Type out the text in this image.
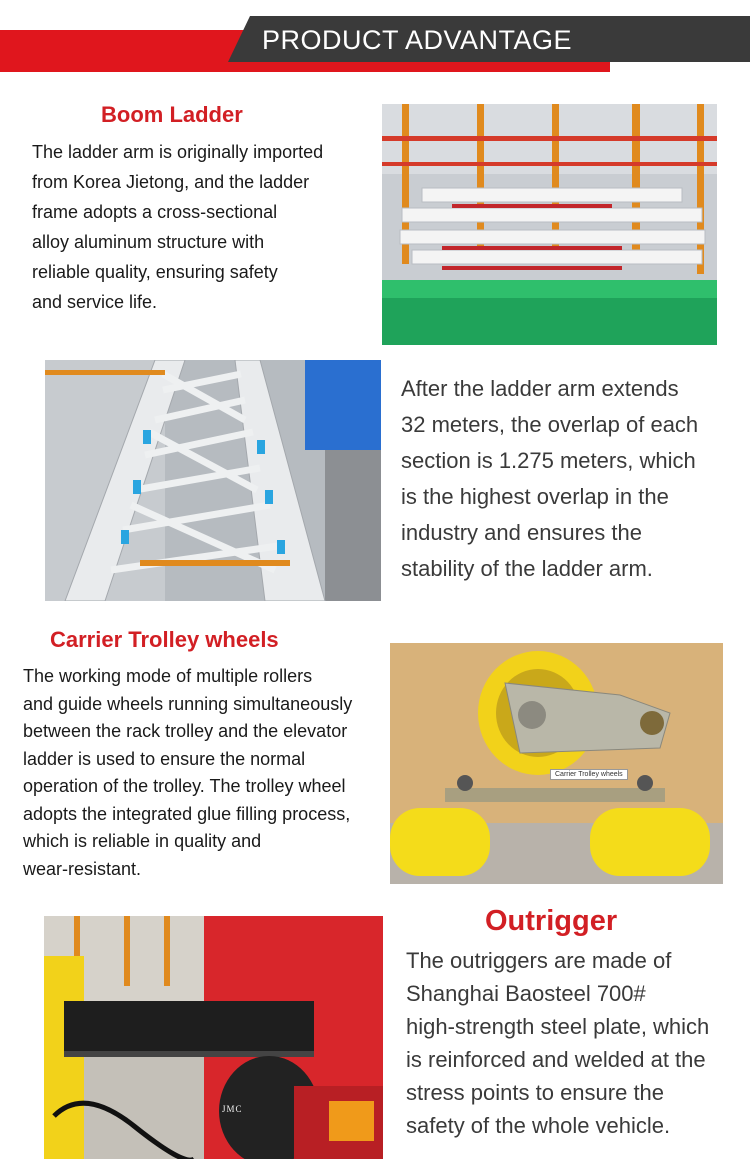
PRODUCT ADVANTAGE
Boom Ladder
The ladder arm is originally imported
from Korea Jietong, and the ladder
frame adopts a cross-sectional
alloy aluminum structure with
reliable quality, ensuring safety
and service life.
After the ladder arm extends
32 meters, the overlap of each
section is 1.275 meters, which
is the highest overlap in the
industry and ensures the
stability of the ladder arm.
Carrier Trolley wheels
The working mode of multiple rollers
and guide wheels running simultaneously
between the rack trolley and the elevator
ladder is used to ensure the normal
operation of the trolley. The trolley wheel
adopts the integrated glue filling process,
which is reliable in quality and
wear-resistant.
Carrier Trolley wheels
JMC
Outrigger
The outriggers are made of
Shanghai Baosteel 700#
high-strength steel plate, which
is reinforced and welded at the
stress points to ensure the
safety of the whole vehicle.
